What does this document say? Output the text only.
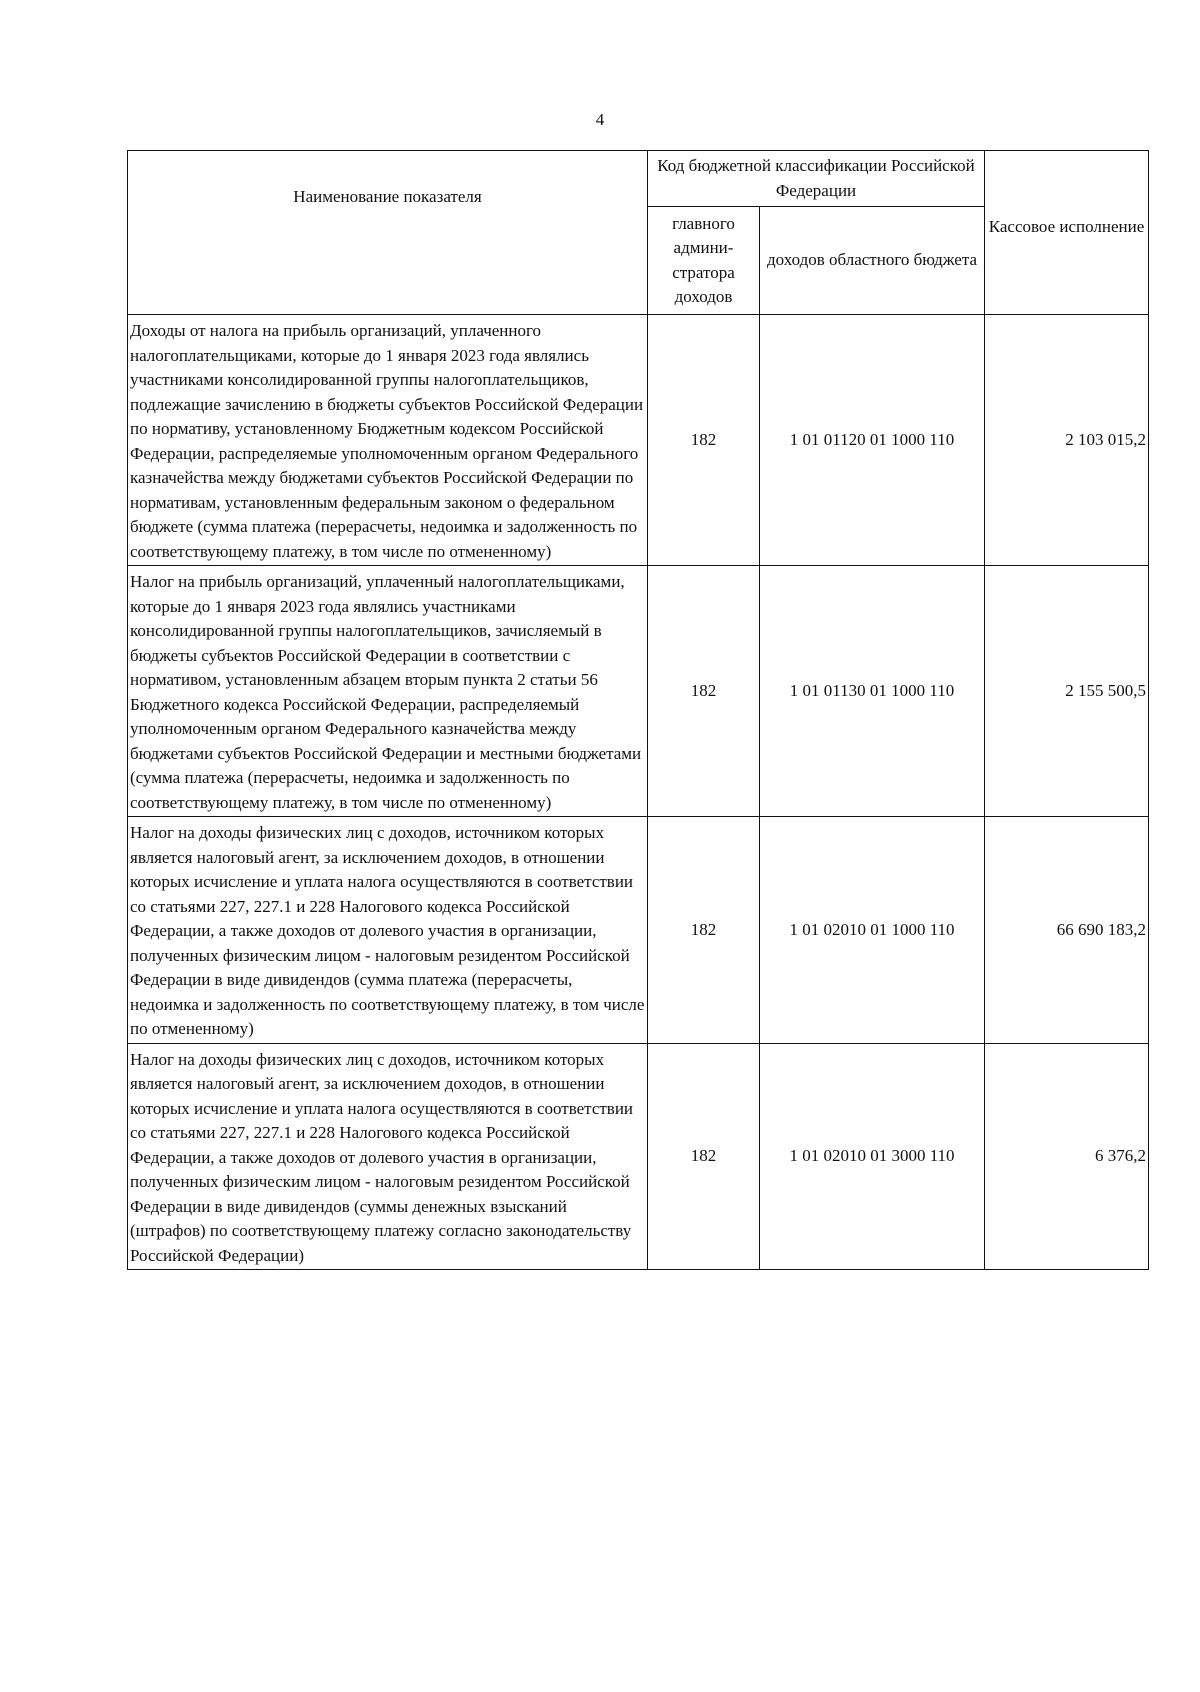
4
Наименование показателя	Код бюджетной классификации Российской Федерации		Кассовое исполнение
	главного админи-стратора доходов	доходов областного бюджета	
Доходы от налога на прибыль организаций, уплаченного налогоплательщиками, которые до 1 января 2023 года являлись участниками консолидированной группы налогоплательщиков, подлежащие зачислению в бюджеты субъектов Российской Федерации по нормативу, установленному Бюджетным кодексом Российской Федерации, распределяемые уполномоченным органом Федерального казначейства между бюджетами субъектов Российской Федерации по нормативам, установленным федеральным законом о федеральном бюджете (сумма платежа (перерасчеты, недоимка и задолженность по соответствующему платежу, в том числе по отмененному)	182	1 01 01120 01 1000 110	2 103 015,2
Налог на прибыль организаций, уплаченный налогоплательщиками, которые до 1 января 2023 года являлись участниками консолидированной группы налогоплательщиков, зачисляемый в бюджеты субъектов Российской Федерации в соответствии с нормативом, установленным абзацем вторым пункта 2 статьи 56 Бюджетного кодекса Российской Федерации, распределяемый уполномоченным органом Федерального казначейства между бюджетами субъектов Российской Федерации и местными бюджетами (сумма платежа (перерасчеты, недоимка и задолженность по соответствующему платежу, в том числе по отмененному)	182	1 01 01130 01 1000 110	2 155 500,5
Налог на доходы физических лиц с доходов, источником которых является налоговый агент, за исключением доходов, в отношении которых исчисление и уплата налога осуществляются в соответствии со статьями 227, 227.1 и 228 Налогового кодекса Российской Федерации, а также доходов от долевого участия в организации, полученных физическим лицом - налоговым резидентом Российской Федерации в виде дивидендов (сумма платежа (перерасчеты, недоимка и задолженность по соответствующему платежу, в том числе по отмененному)	182	1 01 02010 01 1000 110	66 690 183,2
Налог на доходы физических лиц с доходов, источником которых является налоговый агент, за исключением доходов, в отношении которых исчисление и уплата налога осуществляются в соответствии со статьями 227, 227.1 и 228 Налогового кодекса Российской Федерации, а также доходов от долевого участия в организации, полученных физическим лицом - налоговым резидентом Российской Федерации в виде дивидендов (суммы денежных взысканий (штрафов) по соответствующему платежу согласно законодательству Российской Федерации)	182	1 01 02010 01 3000 110	6 376,2
